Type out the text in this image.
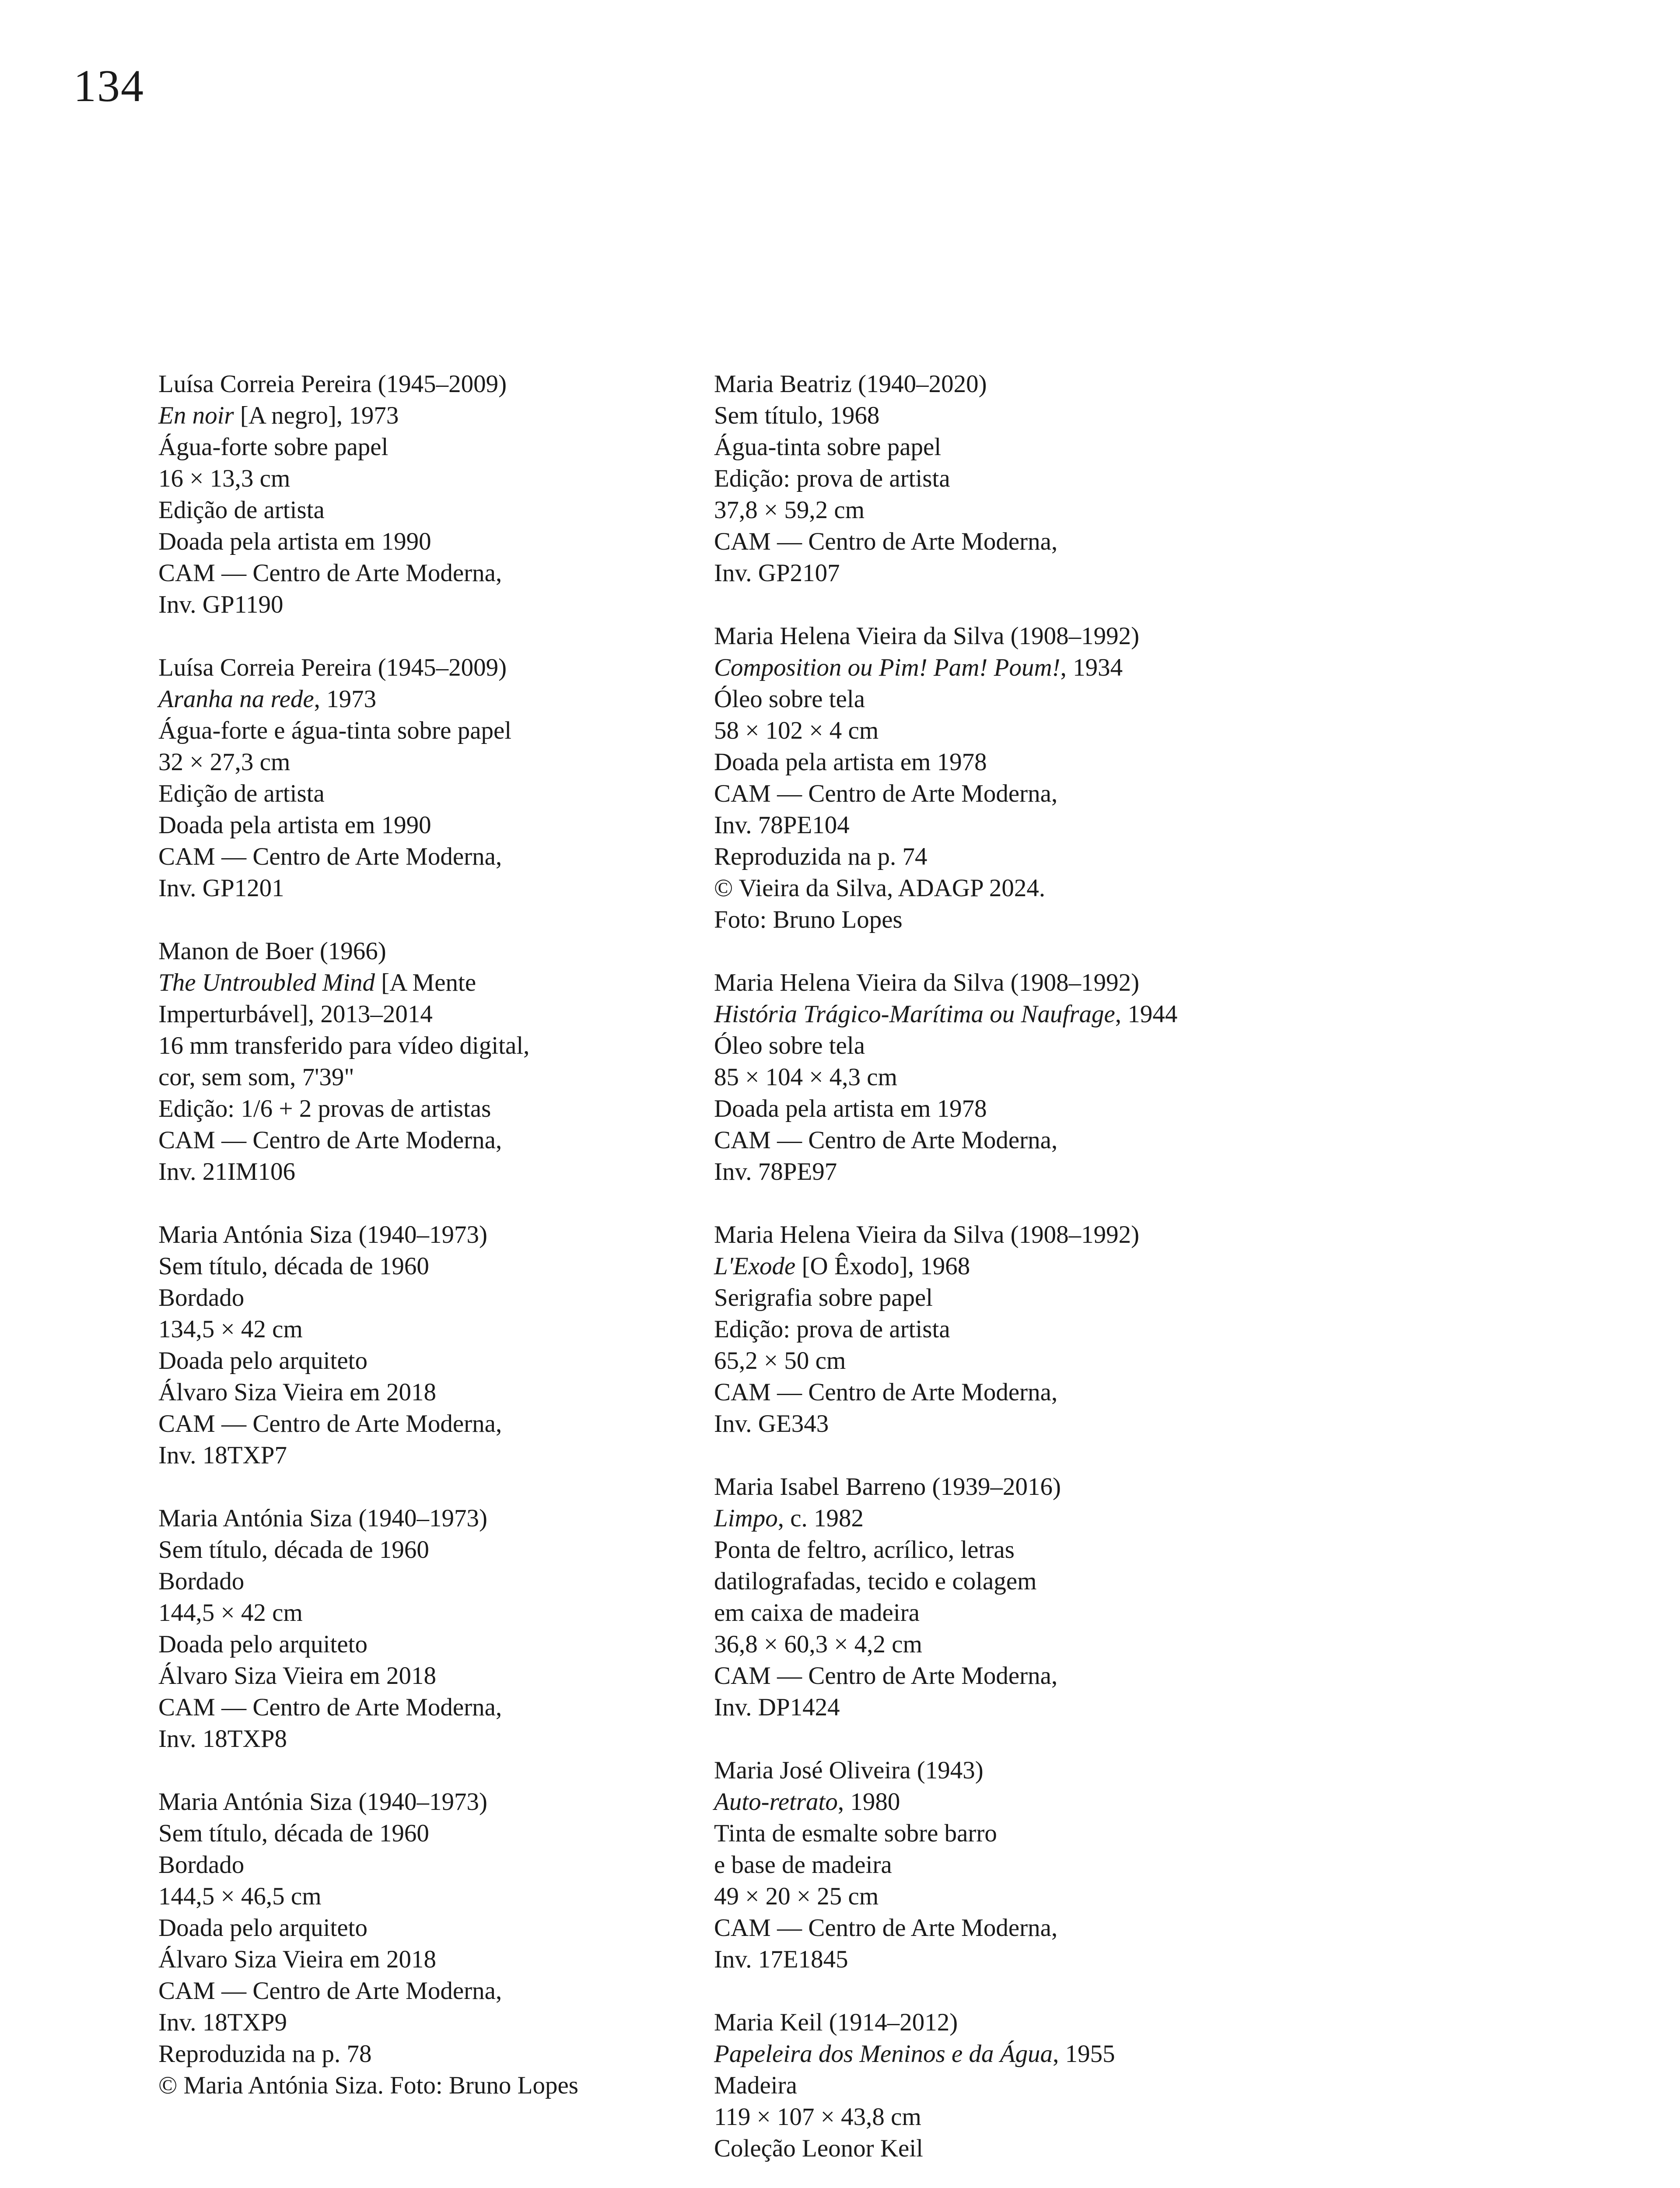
134
Luísa Correia Pereira (1945–2009)
En noir [A negro], 1973
Água-forte sobre papel
16 × 13,3 cm
Edição de artista
Doada pela artista em 1990
CAM — Centro de Arte Moderna,
Inv. GP1190
Luísa Correia Pereira (1945–2009)
Aranha na rede, 1973
Água-forte e água-tinta sobre papel
32 × 27,3 cm
Edição de artista
Doada pela artista em 1990
CAM — Centro de Arte Moderna,
Inv. GP1201
Manon de Boer (1966)
The Untroubled Mind [A Mente
Imperturbável], 2013–2014
16 mm transferido para vídeo digital,
cor, sem som, 7'39"
Edição: 1/6 + 2 provas de artistas
CAM — Centro de Arte Moderna,
Inv. 21IM106
Maria Antónia Siza (1940–1973)
Sem título, década de 1960
Bordado
134,5 × 42 cm
Doada pelo arquiteto
Álvaro Siza Vieira em 2018
CAM — Centro de Arte Moderna,
Inv. 18TXP7
Maria Antónia Siza (1940–1973)
Sem título, década de 1960
Bordado
144,5 × 42 cm
Doada pelo arquiteto
Álvaro Siza Vieira em 2018
CAM — Centro de Arte Moderna,
Inv. 18TXP8
Maria Antónia Siza (1940–1973)
Sem título, década de 1960
Bordado
144,5 × 46,5 cm
Doada pelo arquiteto
Álvaro Siza Vieira em 2018
CAM — Centro de Arte Moderna,
Inv. 18TXP9
Reproduzida na p. 78
© Maria Antónia Siza. Foto: Bruno Lopes
Maria Beatriz (1940–2020)
Sem título, 1968
Água-tinta sobre papel
Edição: prova de artista
37,8 × 59,2 cm
CAM — Centro de Arte Moderna,
Inv. GP2107
Maria Helena Vieira da Silva (1908–1992)
Composition ou Pim! Pam! Poum!, 1934
Óleo sobre tela
58 × 102 × 4 cm
Doada pela artista em 1978
CAM — Centro de Arte Moderna,
Inv. 78PE104
Reproduzida na p. 74
© Vieira da Silva, ADAGP 2024.
Foto: Bruno Lopes
Maria Helena Vieira da Silva (1908–1992)
História Trágico-Marítima ou Naufrage, 1944
Óleo sobre tela
85 × 104 × 4,3 cm
Doada pela artista em 1978
CAM — Centro de Arte Moderna,
Inv. 78PE97
Maria Helena Vieira da Silva (1908–1992)
L'Exode [O Êxodo], 1968
Serigrafia sobre papel
Edição: prova de artista
65,2 × 50 cm
CAM — Centro de Arte Moderna,
Inv. GE343
Maria Isabel Barreno (1939–2016)
Limpo, c. 1982
Ponta de feltro, acrílico, letras
datilografadas, tecido e colagem
em caixa de madeira
36,8 × 60,3 × 4,2 cm
CAM — Centro de Arte Moderna,
Inv. DP1424
Maria José Oliveira (1943)
Auto-retrato, 1980
Tinta de esmalte sobre barro
e base de madeira
49 × 20 × 25 cm
CAM — Centro de Arte Moderna,
Inv. 17E1845
Maria Keil (1914–2012)
Papeleira dos Meninos e da Água, 1955
Madeira
119 × 107 × 43,8 cm
Coleção Leonor Keil
